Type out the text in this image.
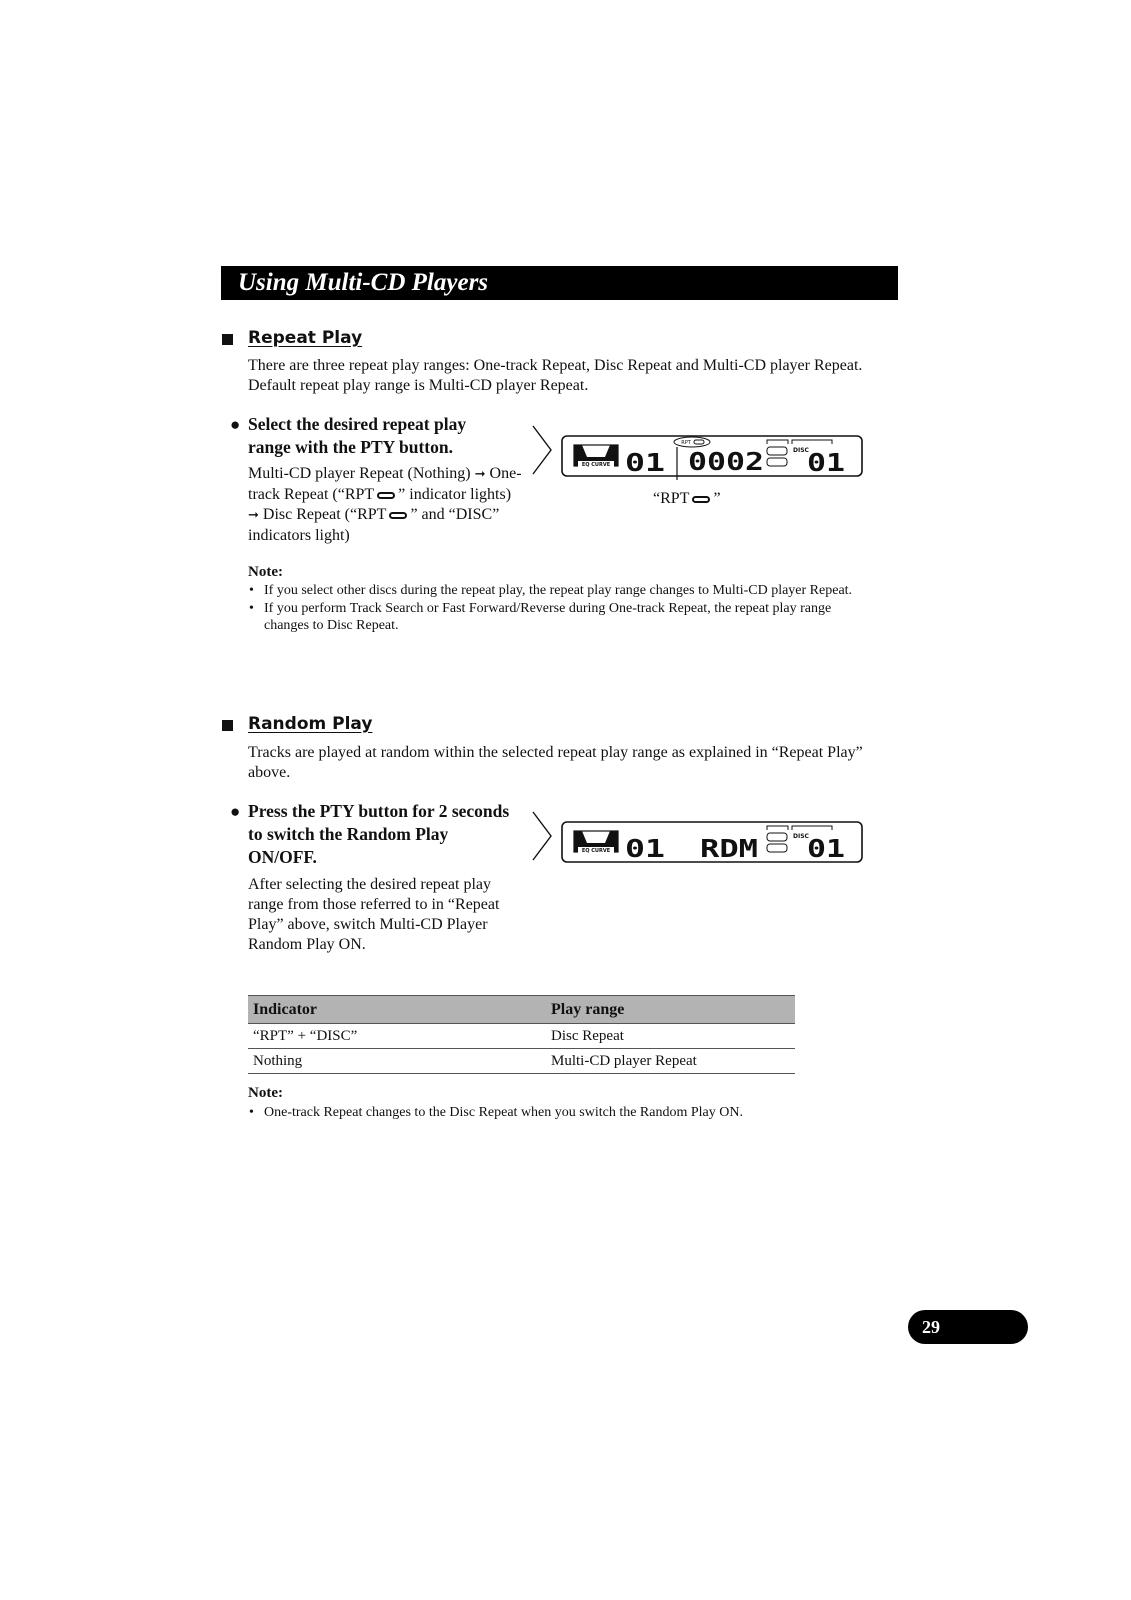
Using Multi-CD Players
Repeat Play
There are three repeat play ranges: One-track Repeat, Disc Repeat and Multi-CD player Repeat. Default repeat play range is Multi-CD player Repeat.
● Select the desired repeat play range with the PTY button.
Multi-CD player Repeat (Nothing) ➞ One-track Repeat (“RPT ” indicator lights) ➞ Disc Repeat (“RPT ” and “DISC” indicators light)
EQ CURVE 01
RPT
0002	DISC
01
“RPT ”
Note:
• If you select other discs during the repeat play, the repeat play range changes to Multi-CD player Repeat.
• If you perform Track Search or Fast Forward/Reverse during One-track Repeat, the repeat play range changes to Disc Repeat.
Random Play
Tracks are played at random within the selected repeat play range as explained in “Repeat Play” above.
● Press the PTY button for 2 seconds to switch the Random Play ON/OFF.
After selecting the desired repeat play range from those referred to in “Repeat Play” above, switch Multi-CD Player Random Play ON.
EQ CURVE 01 RDM	DISC
01
Indicator	Play range
“RPT” + “DISC”	Disc Repeat
Nothing	Multi-CD player Repeat
Note:
• One-track Repeat changes to the Disc Repeat when you switch the Random Play ON.
29
